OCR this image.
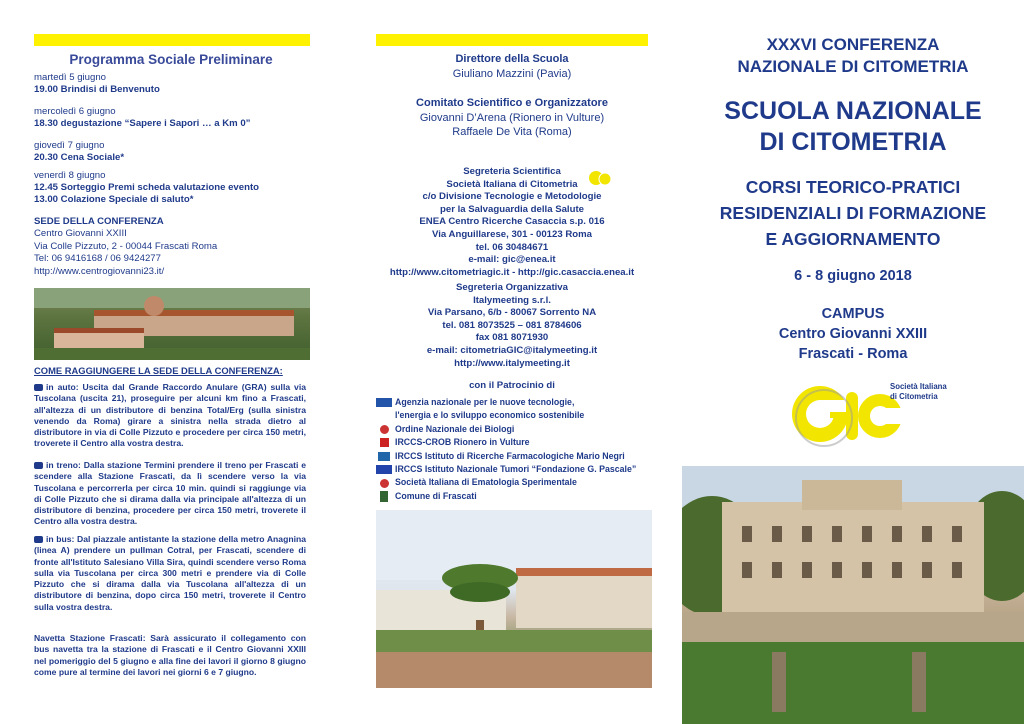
Programma Sociale Preliminare
martedì 5 giugno
19.00 Brindisi di Benvenuto
mercoledì 6 giugno
18.30 degustazione “Sapere i Sapori … a Km 0”
giovedì 7 giugno
20.30 Cena Sociale*
venerdì 8 giugno
12.45 Sorteggio Premi scheda valutazione evento
13.00 Colazione Speciale di saluto*
SEDE DELLA CONFERENZA
Centro Giovanni XXIII
Via Colle Pizzuto, 2 - 00044 Frascati Roma
Tel: 06 9416168 / 06 9424277
http://www.centrogiovanni23.it/
COME RAGGIUNGERE LA SEDE DELLA CONFERENZA:
in auto: Uscita dal Grande Raccordo Anulare (GRA) sulla via Tuscolana (uscita 21), proseguire per alcuni km fino a Frascati, all'altezza di un distributore di benzina Total/Erg (sulla sinistra venendo da Roma) girare a sinistra nella strada dietro al distributore in via di Colle Pizzuto e procedere per circa 150 metri, troverete il Centro alla vostra destra.
in treno: Dalla stazione Termini prendere il treno per Frascati e scendere alla Stazione Frascati, da lì scendere verso la via Tuscolana e percorrerla per circa 10 min. quindi si raggiunge via di Colle Pizzuto che si dirama dalla via principale all'altezza di un distributore di benzina, procedere per circa 150 metri, troverete il Centro alla vostra destra.
in bus: Dal piazzale antistante la stazione della metro Anagnina (linea A) prendere un pullman Cotral, per Frascati, scendere di fronte all'Istituto Salesiano Villa Sira, quindi scendere verso Roma sulla via Tuscolana per circa 300 metri e prendere via di Colle Pizzuto che si dirama dalla via Tuscolana all'altezza di un distributore di benzina, dopo circa 150 metri, troverete il Centro sulla vostra destra.
Navetta Stazione Frascati: Sarà assicurato il collegamento con bus navetta tra la stazione di Frascati e il Centro Giovanni XXIII nel pomeriggio del 5 giugno e alla fine dei lavori il giorno 8 giugno come pure al termine dei lavori nei giorni 6 e 7 giugno.
Direttore della Scuola
Giuliano Mazzini (Pavia)
Comitato Scientifico e Organizzatore
Giovanni D’Arena (Rionero in Vulture)
Raffaele De Vita (Roma)
Segreteria Scientifica
Società Italiana di Citometria
c/o Divisione Tecnologie e Metodologie
per la Salvaguardia della Salute
ENEA Centro Ricerche Casaccia s.p. 016
Via Anguillarese, 301 - 00123 Roma
tel. 06 30484671
e-mail: gic@enea.it
http://www.citometriagic.it - http://gic.casaccia.enea.it
Segreteria Organizzativa
Italymeeting s.r.l.
Via Parsano, 6/b - 80067 Sorrento NA
tel. 081 8073525 – 081 8784606
fax 081 8071930
e-mail: citometriaGIC@italymeeting.it
http://www.italymeeting.it
con il Patrocinio di
Agenzia nazionale per le nuove tecnologie,
l'energia e lo sviluppo economico sostenibile
Ordine Nazionale dei Biologi
IRCCS-CROB Rionero in Vulture
IRCCS Istituto di Ricerche Farmacologiche Mario Negri
IRCCS Istituto Nazionale Tumori “Fondazione G. Pascale”
Società Italiana di Ematologia Sperimentale
Comune di Frascati
XXXVI CONFERENZA
NAZIONALE DI CITOMETRIA
SCUOLA NAZIONALE
DI CITOMETRIA
CORSI TEORICO-PRATICI
RESIDENZIALI DI FORMAZIONE
E AGGIORNAMENTO
6 - 8 giugno 2018
CAMPUS
Centro Giovanni XXIII
Frascati - Roma
Società Italiana di Citometria
